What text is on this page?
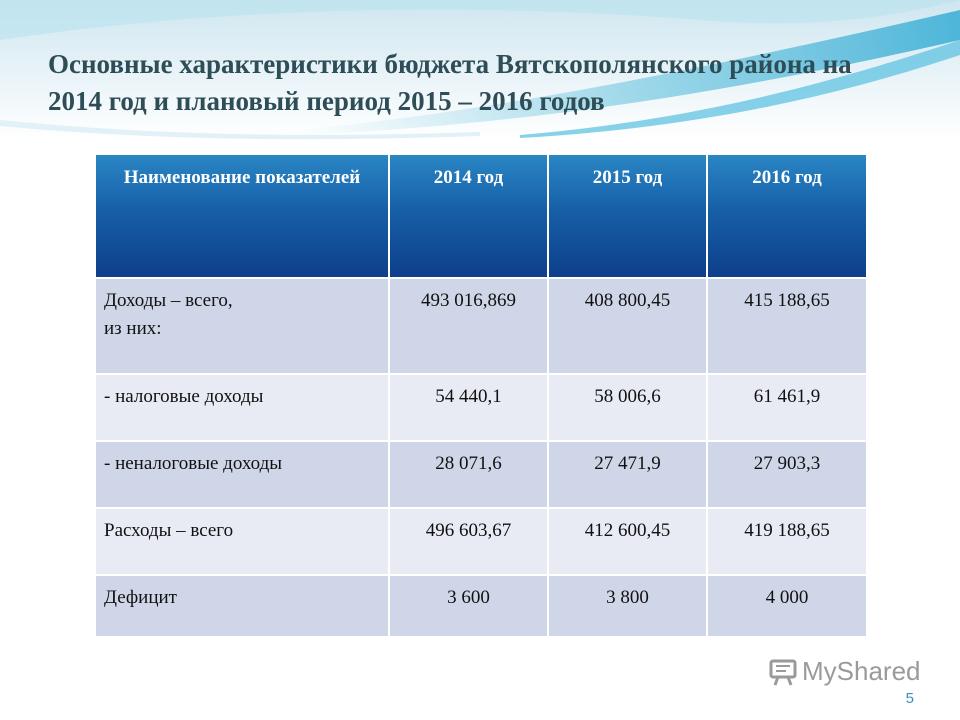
Основные характеристики бюджета Вятскополянского района на 2014 год и плановый период 2015 – 2016 годов
Наименование показателей	2014 год	2015 год	2016 год
Доходы – всего,
из них:	493 016,869	408 800,45	415 188,65
- налоговые доходы	54 440,1	58 006,6	61 461,9
- неналоговые доходы	28 071,6	27 471,9	27 903,3
Расходы – всего	496 603,67	412 600,45	419 188,65
Дефицит	3 600	3 800	4 000
MyShared
5
